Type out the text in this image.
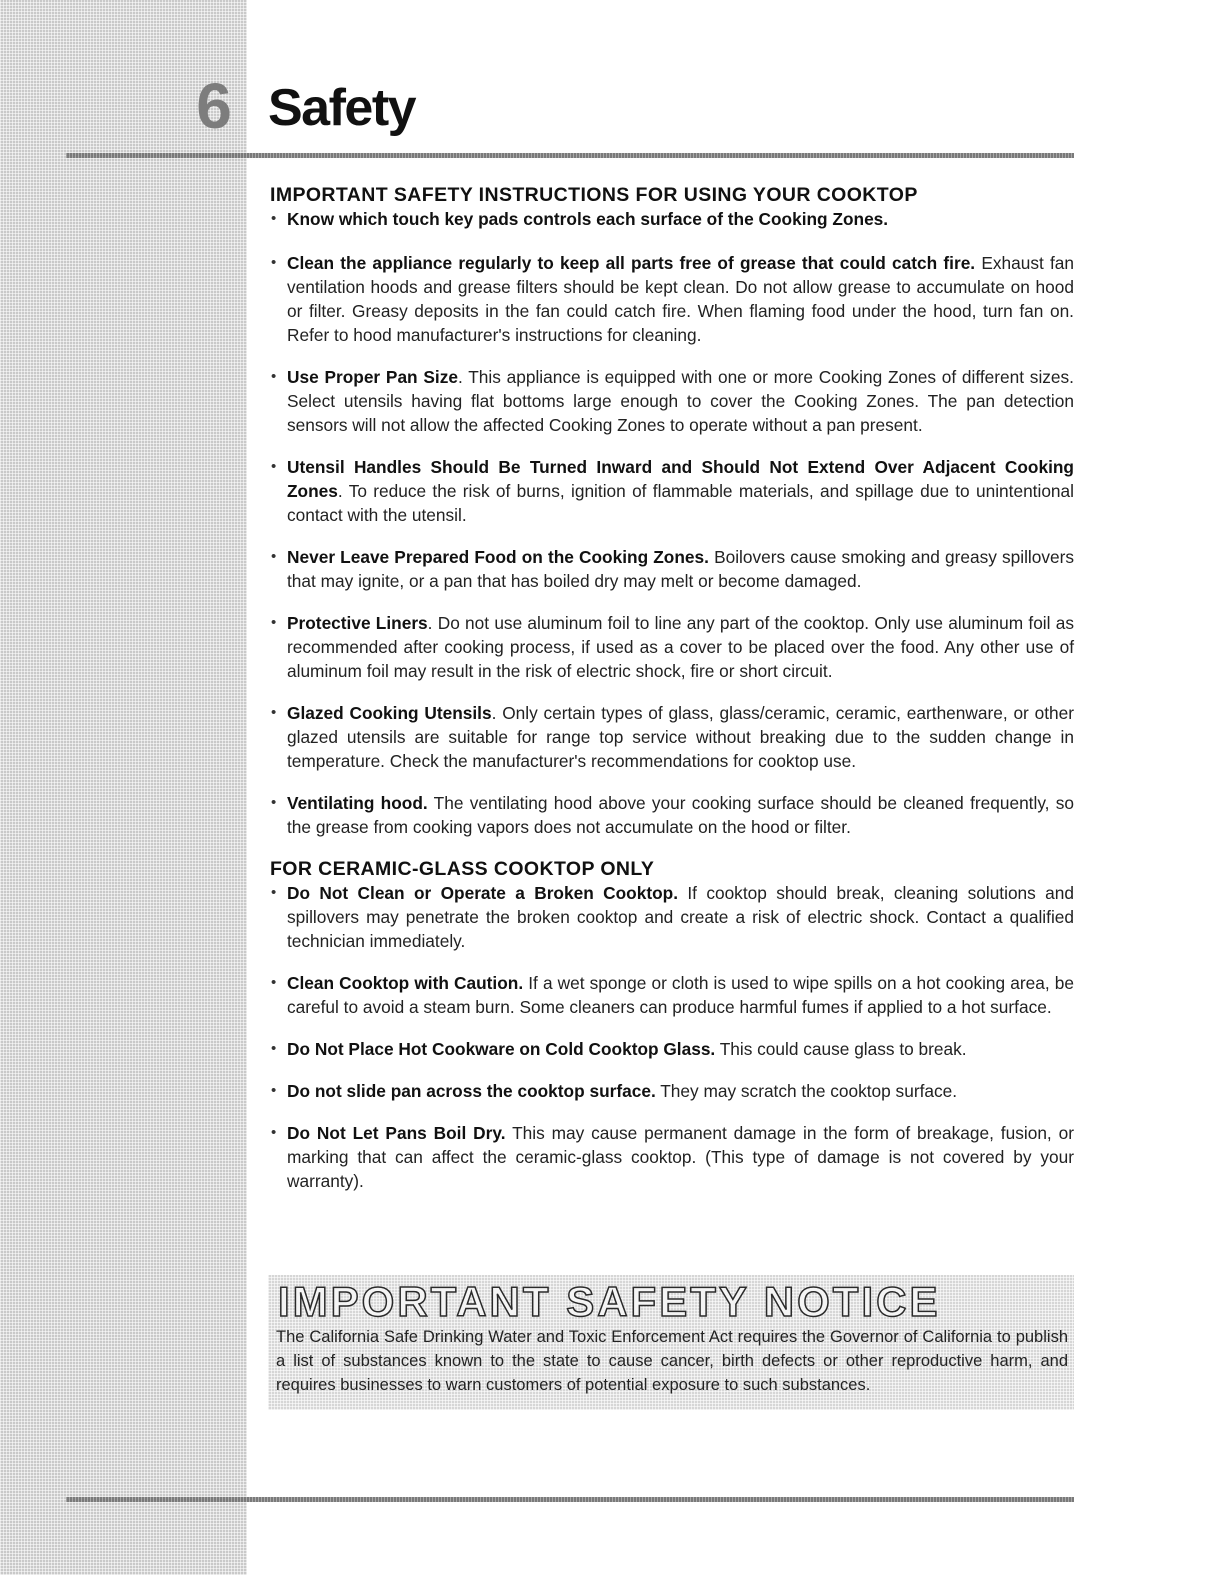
6 Safety
IMPORTANT SAFETY INSTRUCTIONS FOR USING YOUR COOKTOP
• Know which touch key pads controls each surface of the Cooking Zones.
• Clean the appliance regularly to keep all parts free of grease that could catch fire. Exhaust fan ventilation hoods and grease filters should be kept clean. Do not allow grease to accumulate on hood or filter. Greasy deposits in the fan could catch fire. When flaming food under the hood, turn fan on. Refer to hood manufacturer's instructions for cleaning.
• Use Proper Pan Size. This appliance is equipped with one or more Cooking Zones of different sizes. Select utensils having flat bottoms large enough to cover the Cooking Zones. The pan detection sensors will not allow the affected Cooking Zones to operate without a pan present.
• Utensil Handles Should Be Turned Inward and Should Not Extend Over Adjacent Cooking Zones. To reduce the risk of burns, ignition of flammable materials, and spillage due to unintentional contact with the utensil.
• Never Leave Prepared Food on the Cooking Zones. Boilovers cause smoking and greasy spillovers that may ignite, or a pan that has boiled dry may melt or become damaged.
• Protective Liners. Do not use aluminum foil to line any part of the cooktop. Only use aluminum foil as recommended after cooking process, if used as a cover to be placed over the food. Any other use of aluminum foil may result in the risk of electric shock, fire or short circuit.
• Glazed Cooking Utensils. Only certain types of glass, glass/ceramic, ceramic, earthenware, or other glazed utensils are suitable for range top service without breaking due to the sudden change in temperature. Check the manufacturer's recommendations for cooktop use.
• Ventilating hood. The ventilating hood above your cooking surface should be cleaned frequently, so the grease from cooking vapors does not accumulate on the hood or filter.
FOR CERAMIC-GLASS COOKTOP ONLY
• Do Not Clean or Operate a Broken Cooktop. If cooktop should break, cleaning solutions and spillovers may penetrate the broken cooktop and create a risk of electric shock. Contact a qualified technician immediately.
• Clean Cooktop with Caution. If a wet sponge or cloth is used to wipe spills on a hot cooking area, be careful to avoid a steam burn. Some cleaners can produce harmful fumes if applied to a hot surface.
• Do Not Place Hot Cookware on Cold Cooktop Glass. This could cause glass to break.
• Do not slide pan across the cooktop surface. They may scratch the cooktop surface.
• Do Not Let Pans Boil Dry. This may cause permanent damage in the form of breakage, fusion, or marking that can affect the ceramic-glass cooktop. (This type of damage is not covered by your warranty).
IMPORTANT SAFETY NOTICE
The California Safe Drinking Water and Toxic Enforcement Act requires the Governor of California to publish a list of substances known to the state to cause cancer, birth defects or other reproductive harm, and requires businesses to warn customers of potential exposure to such substances.
